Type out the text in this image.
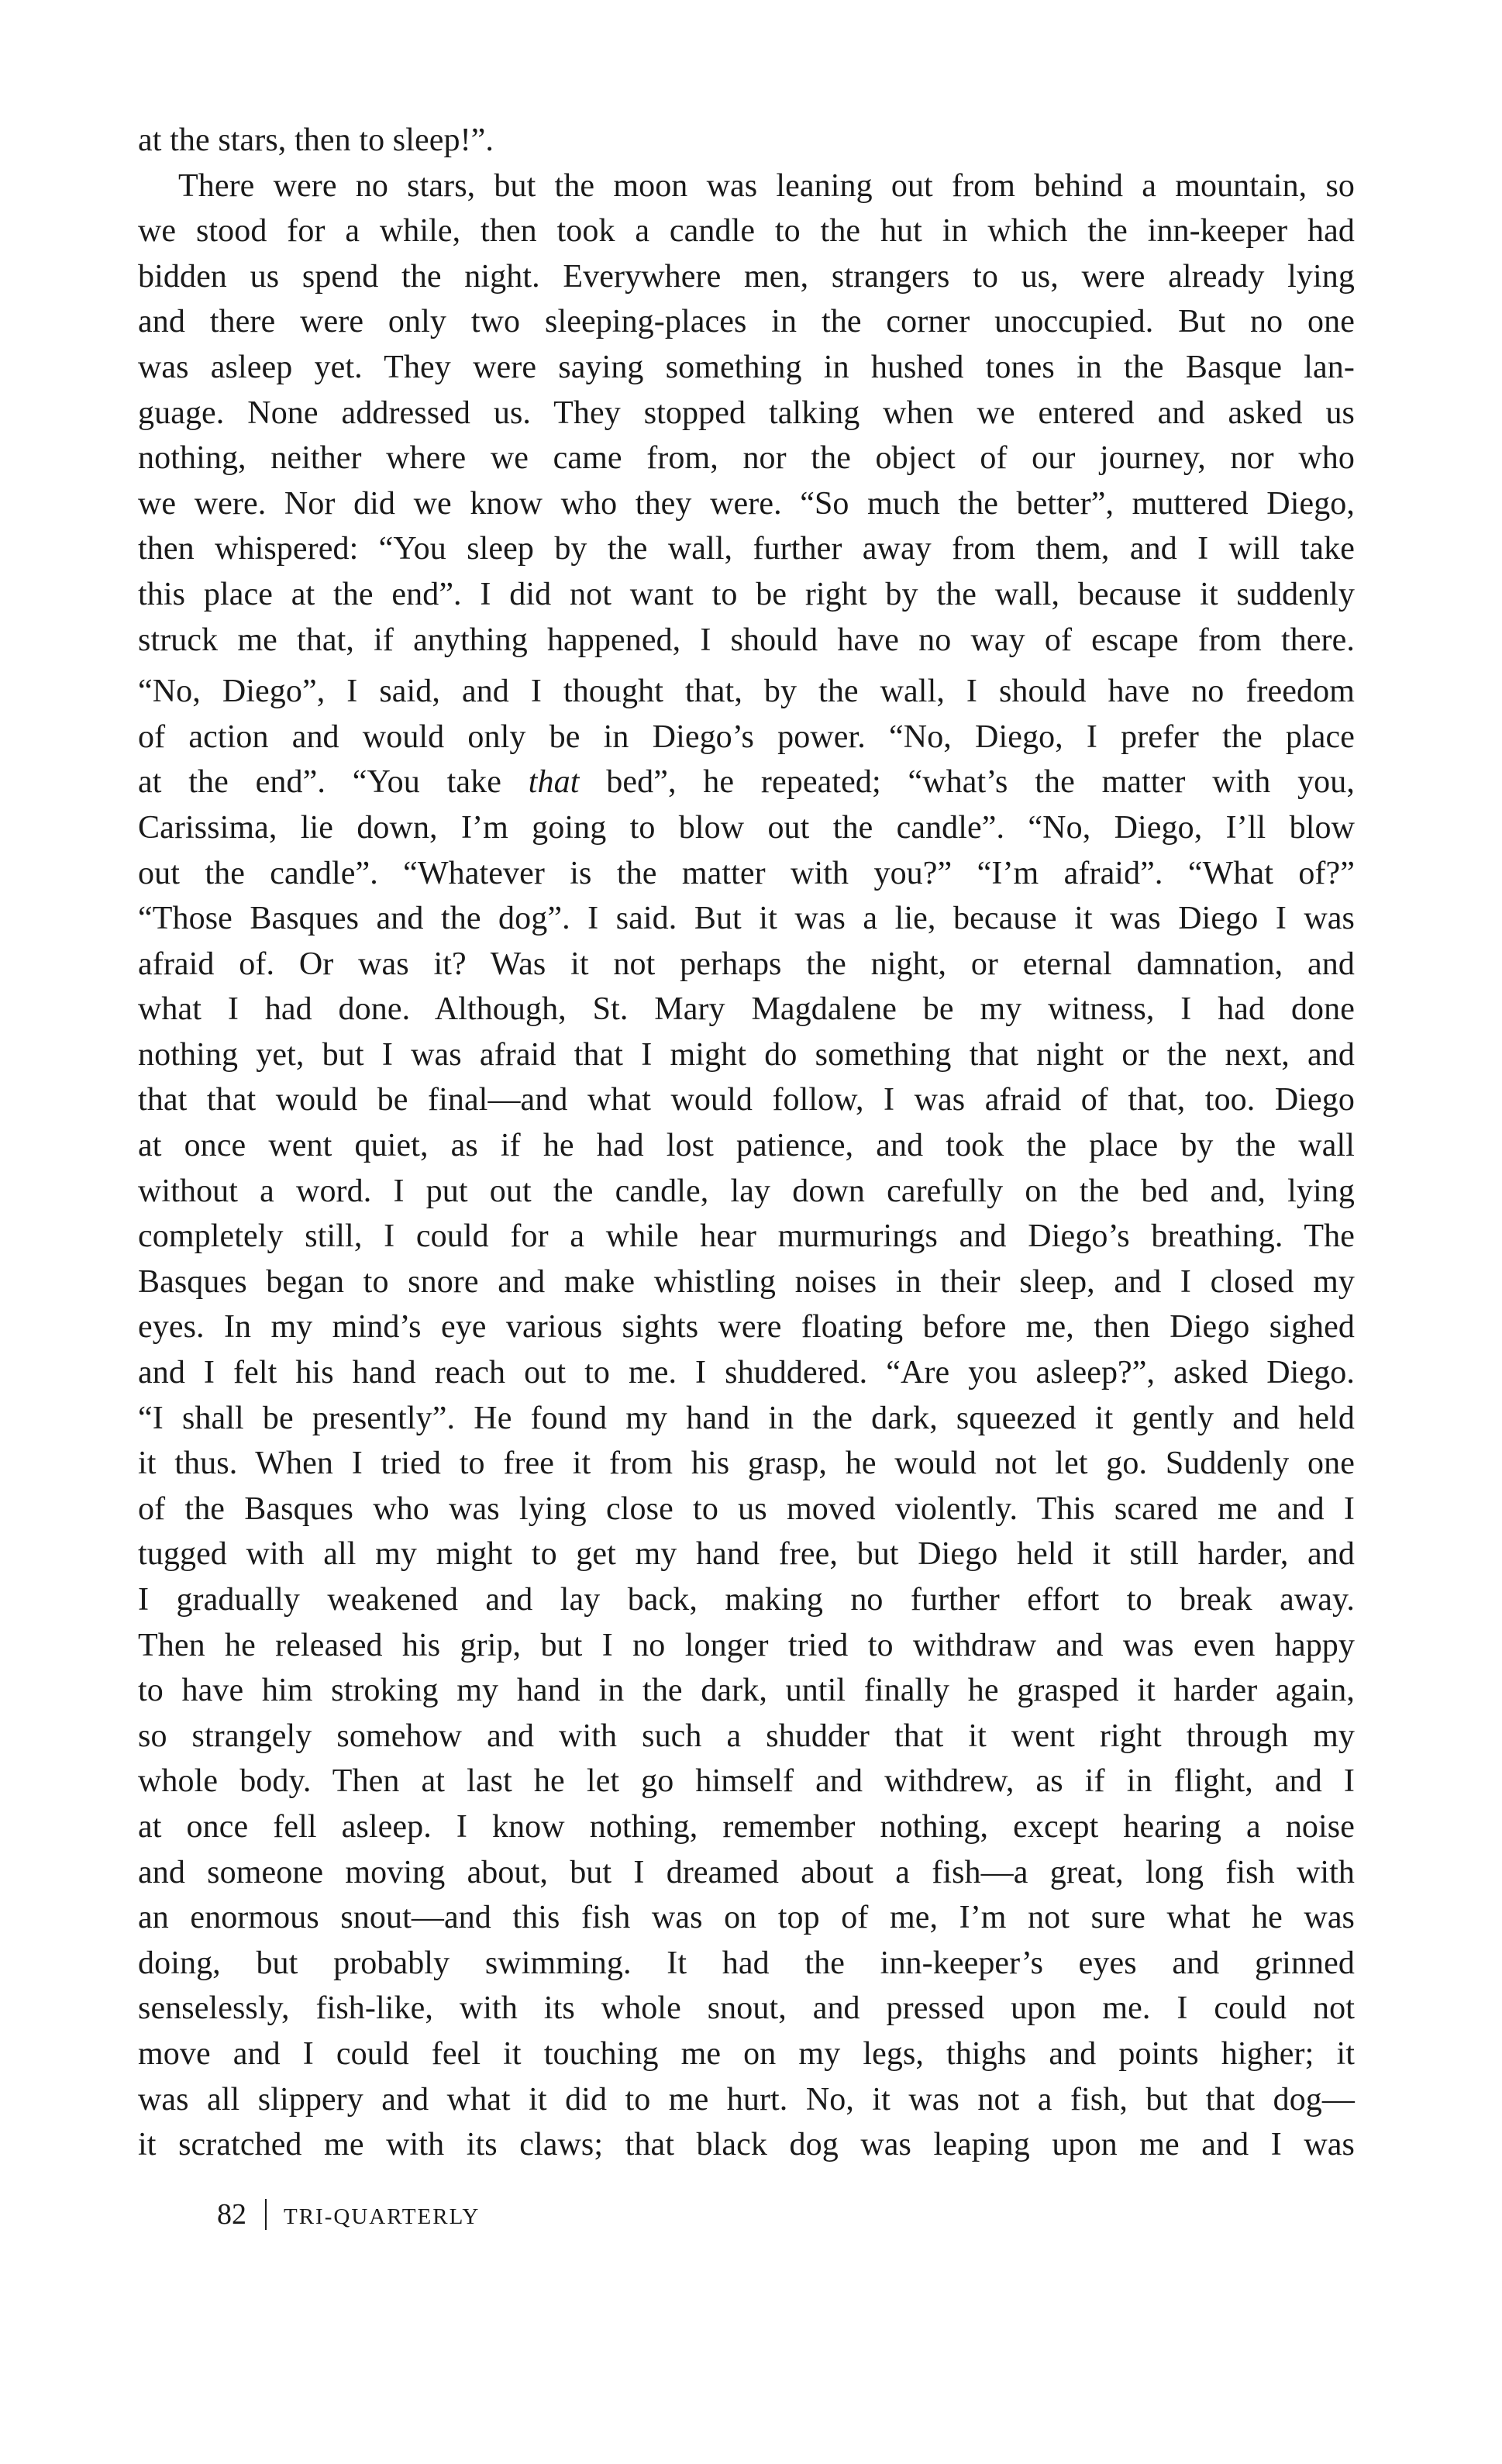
at the stars, then to sleep!”.
There were no stars, but the moon was leaning out from behind a mountain, so
we stood for a while, then took a candle to the hut in which the inn-keeper had
bidden us spend the night. Everywhere men, strangers to us, were already lying
and there were only two sleeping-places in the corner unoccupied. But no one
was asleep yet. They were saying something in hushed tones in the Basque lan-
guage. None addressed us. They stopped talking when we entered and asked us
nothing, neither where we came from, nor the object of our journey, nor who
we were. Nor did we know who they were. “So much the better”, muttered Diego,
then whispered: “You sleep by the wall, further away from them, and I will take
this place at the end”. I did not want to be right by the wall, because it suddenly
struck me that, if anything happened, I should have no way of escape from there.
“No, Diego”, I said, and I thought that, by the wall, I should have no freedom
of action and would only be in Diego’s power. “No, Diego, I prefer the place
at the end”. “You take that bed”, he repeated; “what’s the matter with you,
Carissima, lie down, I’m going to blow out the candle”. “No, Diego, I’ll blow
out the candle”. “Whatever is the matter with you?” “I’m afraid”. “What of?”
“Those Basques and the dog”. I said. But it was a lie, because it was Diego I was
afraid of. Or was it? Was it not perhaps the night, or eternal damnation, and
what I had done. Although, St. Mary Magdalene be my witness, I had done
nothing yet, but I was afraid that I might do something that night or the next, and
that that would be final—and what would follow, I was afraid of that, too. Diego
at once went quiet, as if he had lost patience, and took the place by the wall
without a word. I put out the candle, lay down carefully on the bed and, lying
completely still, I could for a while hear murmurings and Diego’s breathing. The
Basques began to snore and make whistling noises in their sleep, and I closed my
eyes. In my mind’s eye various sights were floating before me, then Diego sighed
and I felt his hand reach out to me. I shuddered. “Are you asleep?”, asked Diego.
“I shall be presently”. He found my hand in the dark, squeezed it gently and held
it thus. When I tried to free it from his grasp, he would not let go. Suddenly one
of the Basques who was lying close to us moved violently. This scared me and I
tugged with all my might to get my hand free, but Diego held it still harder, and
I gradually weakened and lay back, making no further effort to break away.
Then he released his grip, but I no longer tried to withdraw and was even happy
to have him stroking my hand in the dark, until finally he grasped it harder again,
so strangely somehow and with such a shudder that it went right through my
whole body. Then at last he let go himself and withdrew, as if in flight, and I
at once fell asleep. I know nothing, remember nothing, except hearing a noise
and someone moving about, but I dreamed about a fish—a great, long fish with
an enormous snout—and this fish was on top of me, I’m not sure what he was
doing, but probably swimming. It had the inn-keeper’s eyes and grinned
senselessly, fish-like, with its whole snout, and pressed upon me. I could not
move and I could feel it touching me on my legs, thighs and points higher; it
was all slippery and what it did to me hurt. No, it was not a fish, but that dog—
it scratched me with its claws; that black dog was leaping upon me and I was
82 TRI-QUARTERLY
